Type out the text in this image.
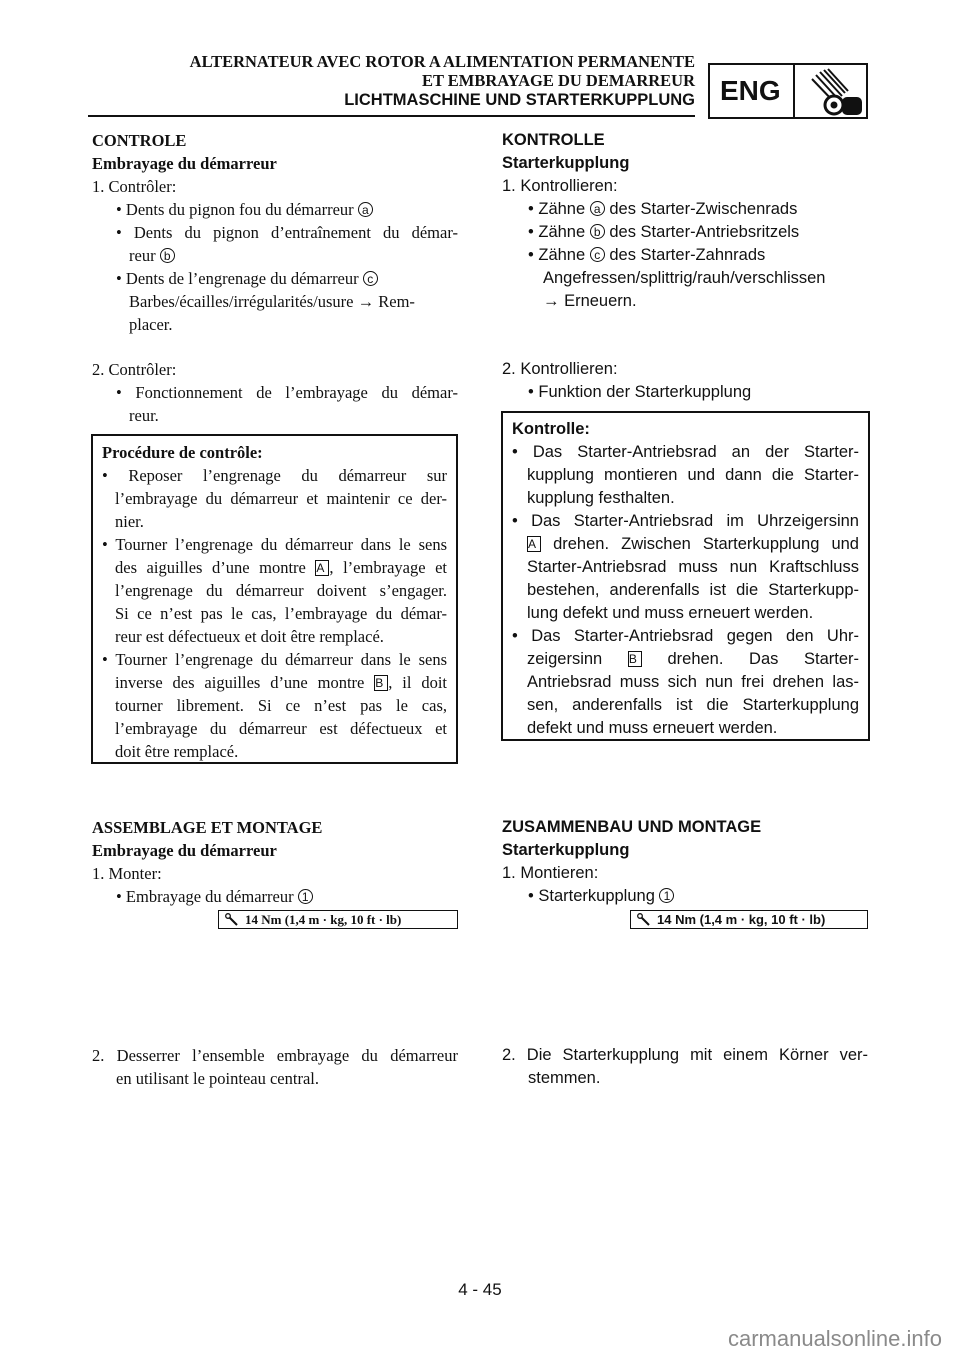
ALTERNATEUR AVEC ROTOR A ALIMENTATION PERMANENTE
ET EMBRAYAGE DU DEMARREUR
LICHTMASCHINE UND STARTERKUPPLUNG ENG
CONTROLE
Embrayage du démarreur
1. Contrôler:
• Dents du pignon fou du démarreur a
• Dents du pignon d’entraînement du démar-
reur b
• Dents de l’engrenage du démarreur c
Barbes/écailles/irrégularités/usure → Rem-
placer.
2. Contrôler:
• Fonctionnement de l’embrayage du démar-
reur.
Procédure de contrôle:
• Reposer l’engrenage du démarreur sur
l’embrayage du démarreur et maintenir ce der-
nier.
• Tourner l’engrenage du démarreur dans le sens
des aiguilles d’une montre A , l’embrayage et
l’engrenage du démarreur doivent s’engager.
Si ce n’est pas le cas, l’embrayage du démar-
reur est défectueux et doit être remplacé.
• Tourner l’engrenage du démarreur dans le sens
inverse des aiguilles d’une montre B , il doit
tourner librement. Si ce n’est pas le cas,
l’embrayage du démarreur est défectueux et
doit être remplacé.
ASSEMBLAGE ET MONTAGE
Embrayage du démarreur
1. Monter:
• Embrayage du démarreur 1
14 Nm (1,4 m · kg, 10 ft · lb)
2. Desserrer l’ensemble embrayage du démarreur
en utilisant le pointeau central.
KONTROLLE
Starterkupplung
1. Kontrollieren:
• Zähne a des Starter-Zwischenrads
• Zähne b des Starter-Antriebsritzels
• Zähne c des Starter-Zahnrads
Angefressen/splittrig/rauh/verschlissen
→ Erneuern.
2. Kontrollieren:
• Funktion der Starterkupplung
Kontrolle:
• Das Starter-Antriebsrad an der Starter-
kupplung montieren und dann die Starter-
kupplung festhalten.
• Das Starter-Antriebsrad im Uhrzeigersinn
A drehen. Zwischen Starterkupplung und
Starter-Antriebsrad muss nun Kraftschluss
bestehen, anderenfalls ist die Starterkupp-
lung defekt und muss erneuert werden.
• Das Starter-Antriebsrad gegen den Uhr-
zeigersinn B drehen. Das Starter-
Antriebsrad muss sich nun frei drehen las-
sen, anderenfalls ist die Starterkupplung
defekt und muss erneuert werden.
ZUSAMMENBAU UND MONTAGE
Starterkupplung
1. Montieren:
• Starterkupplung 1
14 Nm (1,4 m · kg, 10 ft · lb)
2. Die Starterkupplung mit einem Körner ver-
stemmen.
4 - 45
carmanualsonline.info
